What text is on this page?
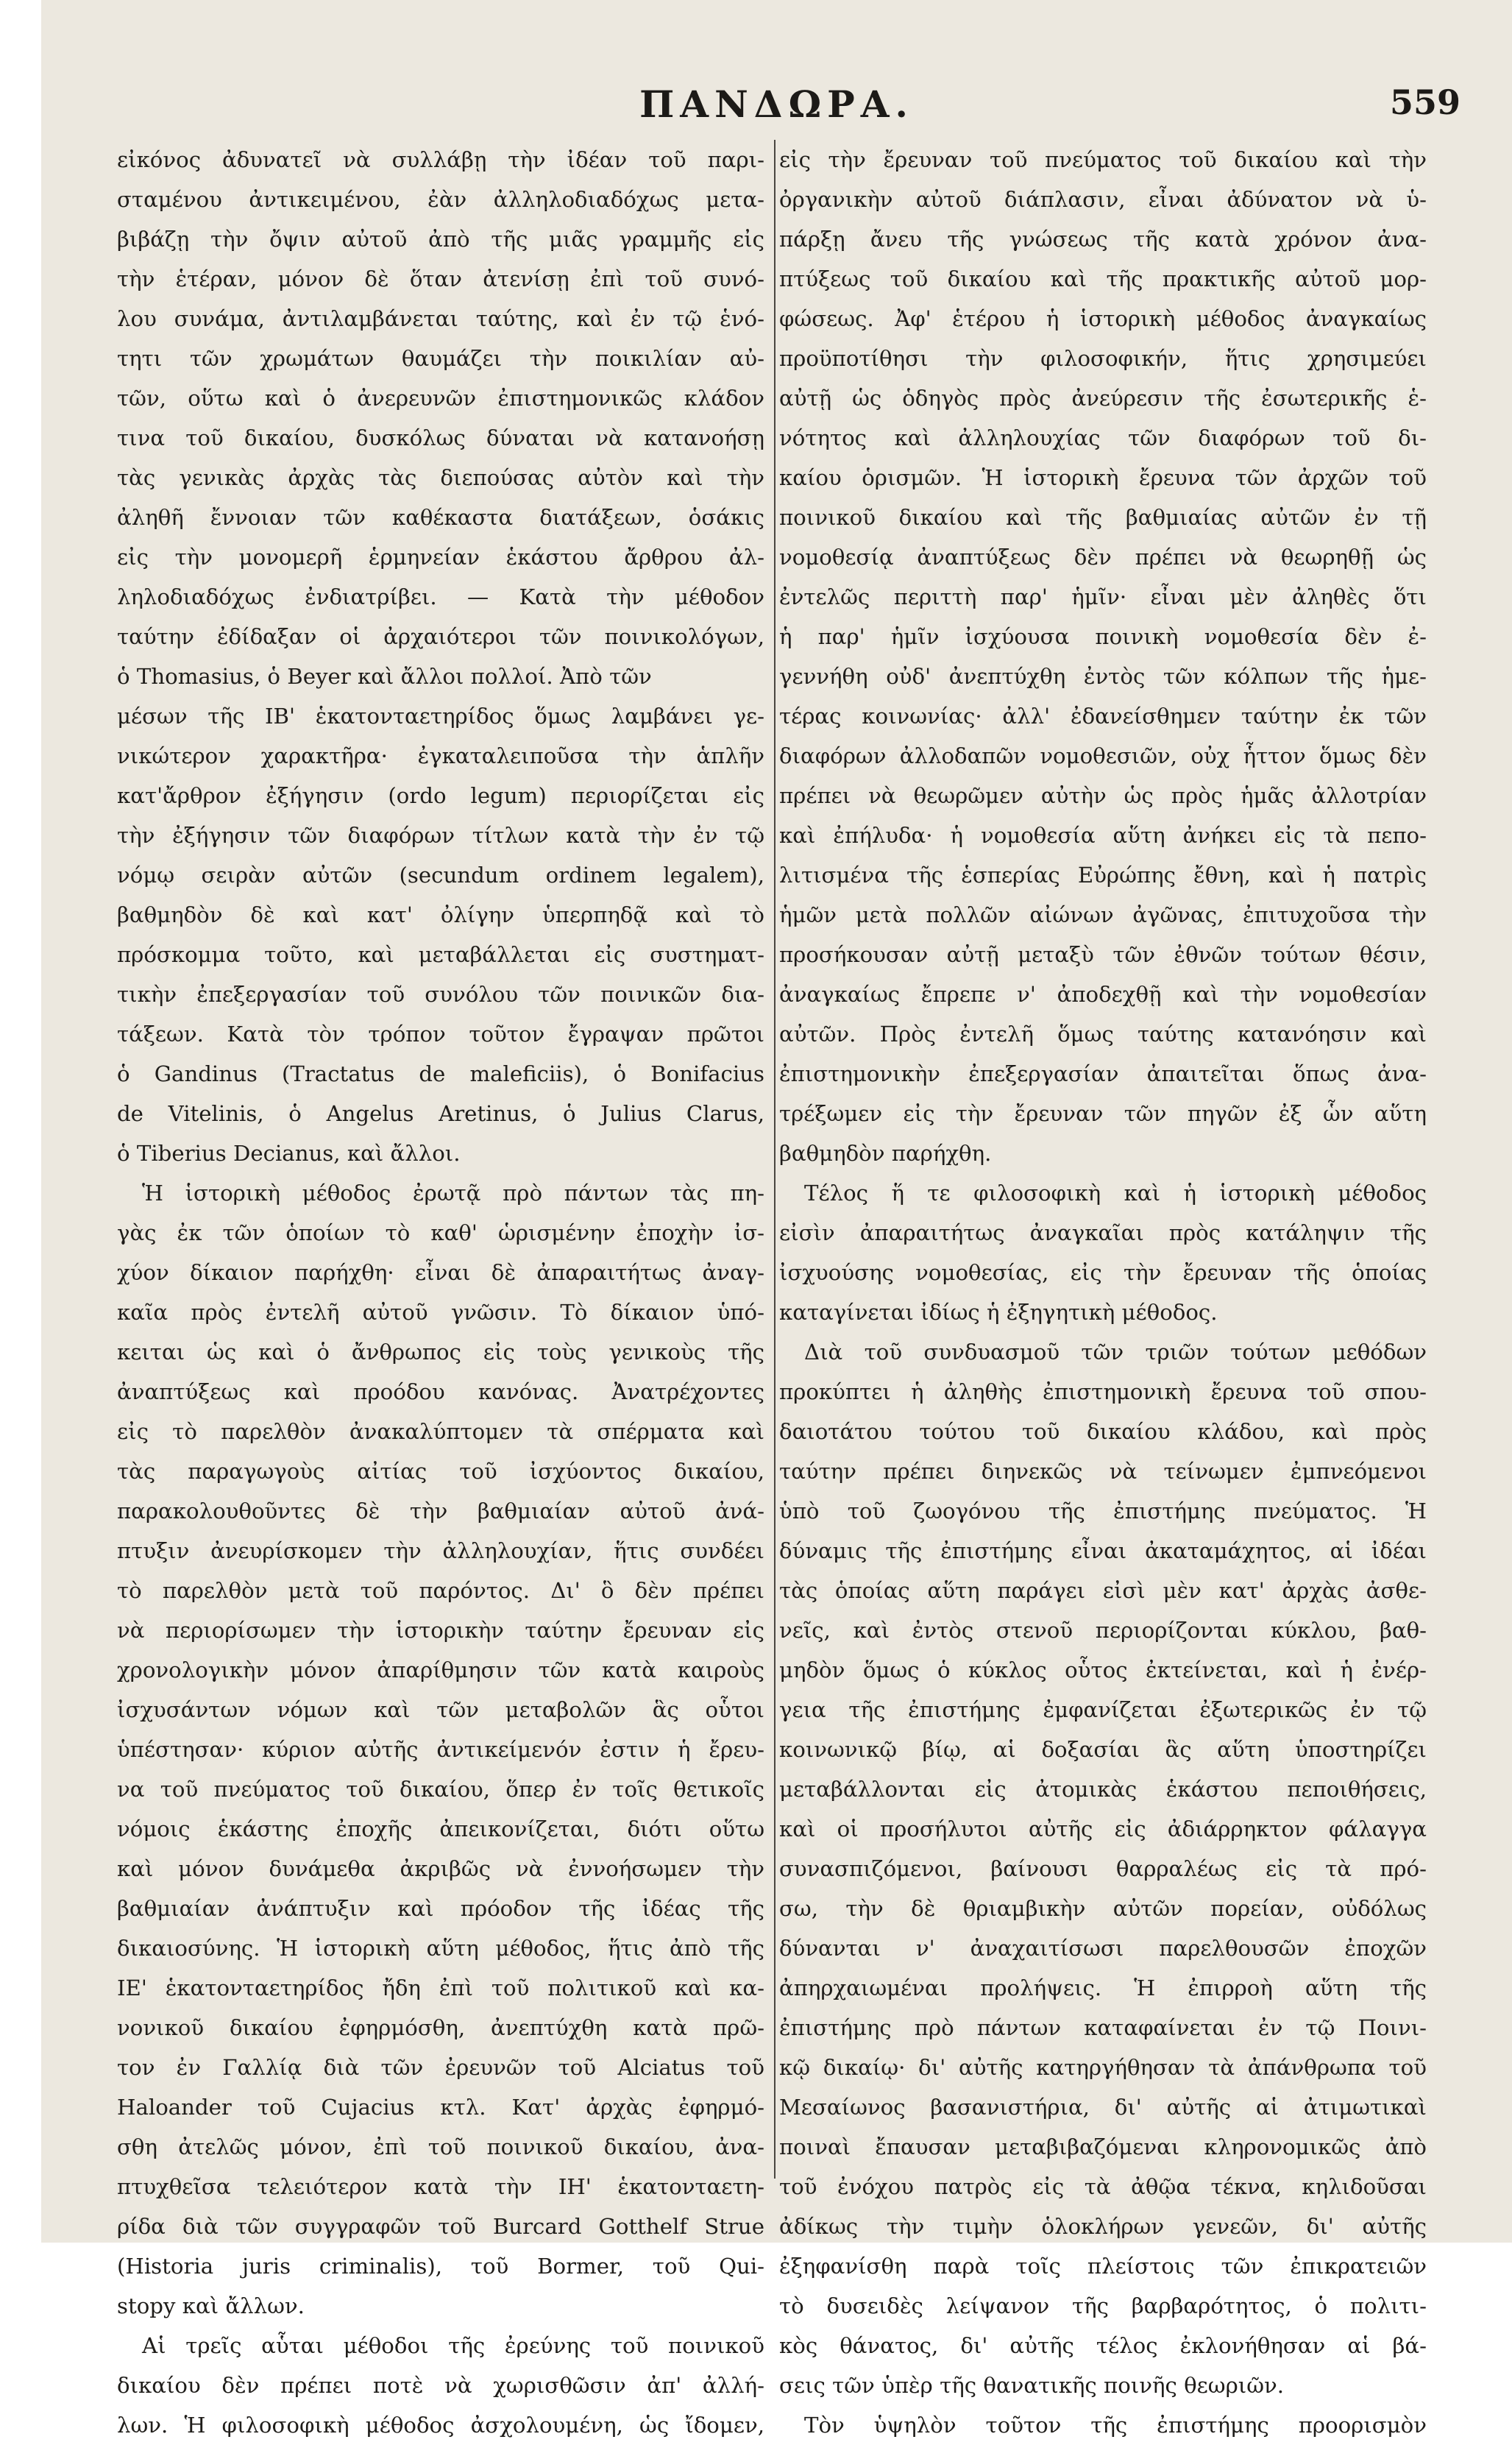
ΠΑΝΔΩΡΑ.	559
εἰκόνος ἀδυνατεῖ νὰ συλλάβῃ τὴν ἰδέαν τοῦ παρι-
σταμένου ἀντικειμένου, ἐὰν ἀλληλοδιαδόχως μετα-
βιβάζῃ τὴν ὄψιν αὐτοῦ ἀπὸ τῆς μιᾶς γραμμῆς εἰς
τὴν ἑτέραν, μόνον δὲ ὅταν ἀτενίσῃ ἐπὶ τοῦ συνό-
λου συνάμα, ἀντιλαμβάνεται ταύτης, καὶ ἐν τῷ ἑνό-
τητι τῶν χρωμάτων θαυμάζει τὴν ποικιλίαν αὐ-
τῶν, οὕτω καὶ ὁ ἀνερευνῶν ἐπιστημονικῶς κλάδον
τινα τοῦ δικαίου, δυσκόλως δύναται νὰ κατανοήσῃ
τὰς γενικὰς ἀρχὰς τὰς διεπούσας αὐτὸν καὶ τὴν
ἀληθῆ ἔννοιαν τῶν καθέκαστα διατάξεων, ὁσάκις
εἰς τὴν μονομερῆ ἑρμηνείαν ἑκάστου ἄρθρου ἀλ-
ληλοδιαδόχως ἐνδιατρίβει. — Κατὰ τὴν μέθοδον
ταύτην ἐδίδαξαν οἱ ἀρχαιότεροι τῶν ποινικολόγων,
ὁ Thomasius, ὁ Beyer καὶ ἄλλοι πολλοί. Ἀπὸ τῶν
μέσων τῆς ΙΒ' ἑκατονταετηρίδος ὅμως λαμβάνει γε-
νικώτερον χαρακτῆρα· ἐγκαταλειποῦσα τὴν ἁπλῆν
κατ'ἄρθρον ἐξήγησιν (ordo legum) περιορίζεται εἰς
τὴν ἐξήγησιν τῶν διαφόρων τίτλων κατὰ τὴν ἐν τῷ
νόμῳ σειρὰν αὐτῶν (secundum ordinem legalem),
βαθμηδὸν δὲ καὶ κατ' ὀλίγην ὑπερπηδᾷ καὶ τὸ
πρόσκομμα τοῦτο, καὶ μεταβάλλεται εἰς συστηματ-
τικὴν ἐπεξεργασίαν τοῦ συνόλου τῶν ποινικῶν δια-
τάξεων. Κατὰ τὸν τρόπον τοῦτον ἔγραψαν πρῶτοι
ὁ Gandinus (Tractatus de maleficiis), ὁ Bonifacius
de Vitelinis, ὁ Angelus Aretinus, ὁ Julius Clarus,
ὁ Tiberius Decianus, καὶ ἄλλοι.
Ἡ ἱστορικὴ μέθοδος ἐρωτᾷ πρὸ πάντων τὰς πη-
γὰς ἐκ τῶν ὁποίων τὸ καθ' ὡρισμένην ἐποχὴν ἰσ-
χύον δίκαιον παρήχθη· εἶναι δὲ ἀπαραιτήτως ἀναγ-
καῖα πρὸς ἐντελῆ αὐτοῦ γνῶσιν. Τὸ δίκαιον ὑπό-
κειται ὡς καὶ ὁ ἄνθρωπος εἰς τοὺς γενικοὺς τῆς
ἀναπτύξεως καὶ προόδου κανόνας. Ἀνατρέχοντες
εἰς τὸ παρελθὸν ἀνακαλύπτομεν τὰ σπέρματα καὶ
τὰς παραγωγοὺς αἰτίας τοῦ ἰσχύοντος δικαίου,
παρακολουθοῦντες δὲ τὴν βαθμιαίαν αὐτοῦ ἀνά-
πτυξιν ἀνευρίσκομεν τὴν ἀλληλουχίαν, ἥτις συνδέει
τὸ παρελθὸν μετὰ τοῦ παρόντος. Δι' ὃ δὲν πρέπει
νὰ περιορίσωμεν τὴν ἱστορικὴν ταύτην ἔρευναν εἰς
χρονολογικὴν μόνον ἀπαρίθμησιν τῶν κατὰ καιροὺς
ἰσχυσάντων νόμων καὶ τῶν μεταβολῶν ἃς οὗτοι
ὑπέστησαν· κύριον αὐτῆς ἀντικείμενόν ἐστιν ἡ ἔρευ-
να τοῦ πνεύματος τοῦ δικαίου, ὅπερ ἐν τοῖς θετικοῖς
νόμοις ἑκάστης ἐποχῆς ἀπεικονίζεται, διότι οὕτω
καὶ μόνον δυνάμεθα ἀκριβῶς νὰ ἐννοήσωμεν τὴν
βαθμιαίαν ἀνάπτυξιν καὶ πρόοδον τῆς ἰδέας τῆς
δικαιοσύνης. Ἡ ἱστορικὴ αὕτη μέθοδος, ἥτις ἀπὸ τῆς
ΙΕ' ἑκατονταετηρίδος ἤδη ἐπὶ τοῦ πολιτικοῦ καὶ κα-
νονικοῦ δικαίου ἐφηρμόσθη, ἀνεπτύχθη κατὰ πρῶ-
τον ἐν Γαλλίᾳ διὰ τῶν ἐρευνῶν τοῦ Alciatus τοῦ
Haloander τοῦ Cujacius κτλ. Κατ' ἀρχὰς ἐφηρμό-
σθη ἀτελῶς μόνον, ἐπὶ τοῦ ποινικοῦ δικαίου, ἀνα-
πτυχθεῖσα τελειότερον κατὰ τὴν ΙΗ' ἑκατονταετη-
ρίδα διὰ τῶν συγγραφῶν τοῦ Burcard Gotthelf Strue
(Historia juris criminalis), τοῦ Bormer, τοῦ Qui-
stopy καὶ ἄλλων.
Αἱ τρεῖς αὗται μέθοδοι τῆς ἐρεύνης τοῦ ποινικοῦ
δικαίου δὲν πρέπει ποτὲ νὰ χωρισθῶσιν ἀπ' ἀλλή-
λων. Ἡ φιλοσοφικὴ μέθοδος ἀσχολουμένη, ὡς ἴδομεν,
εἰς τὴν ἔρευναν τοῦ πνεύματος τοῦ δικαίου καὶ τὴν
ὀργανικὴν αὐτοῦ διάπλασιν, εἶναι ἀδύνατον νὰ ὑ-
πάρξῃ ἄνευ τῆς γνώσεως τῆς κατὰ χρόνον ἀνα-
πτύξεως τοῦ δικαίου καὶ τῆς πρακτικῆς αὐτοῦ μορ-
φώσεως. Ἀφ' ἑτέρου ἡ ἱστορικὴ μέθοδος ἀναγκαίως
προϋποτίθησι τὴν φιλοσοφικήν, ἥτις χρησιμεύει
αὐτῇ ὡς ὁδηγὸς πρὸς ἀνεύρεσιν τῆς ἐσωτερικῆς ἑ-
νότητος καὶ ἀλληλουχίας τῶν διαφόρων τοῦ δι-
καίου ὁρισμῶν. Ἡ ἱστορικὴ ἔρευνα τῶν ἀρχῶν τοῦ
ποινικοῦ δικαίου καὶ τῆς βαθμιαίας αὐτῶν ἐν τῇ
νομοθεσίᾳ ἀναπτύξεως δὲν πρέπει νὰ θεωρηθῇ ὡς
ἐντελῶς περιττὴ παρ' ἡμῖν· εἶναι μὲν ἀληθὲς ὅτι
ἡ παρ' ἡμῖν ἰσχύουσα ποινικὴ νομοθεσία δὲν ἐ-
γεννήθη οὐδ' ἀνεπτύχθη ἐντὸς τῶν κόλπων τῆς ἡμε-
τέρας κοινωνίας· ἀλλ' ἐδανείσθημεν ταύτην ἐκ τῶν
διαφόρων ἀλλοδαπῶν νομοθεσιῶν, οὐχ ἧττον ὅμως δὲν
πρέπει νὰ θεωρῶμεν αὐτὴν ὡς πρὸς ἡμᾶς ἀλλοτρίαν
καὶ ἐπήλυδα· ἡ νομοθεσία αὕτη ἀνήκει εἰς τὰ πεπο-
λιτισμένα τῆς ἑσπερίας Εὐρώπης ἔθνη, καὶ ἡ πατρὶς
ἡμῶν μετὰ πολλῶν αἰώνων ἀγῶνας, ἐπιτυχοῦσα τὴν
προσήκουσαν αὐτῇ μεταξὺ τῶν ἐθνῶν τούτων θέσιν,
ἀναγκαίως ἔπρεπε ν' ἀποδεχθῇ καὶ τὴν νομοθεσίαν
αὐτῶν. Πρὸς ἐντελῆ ὅμως ταύτης κατανόησιν καὶ
ἐπιστημονικὴν ἐπεξεργασίαν ἀπαιτεῖται ὅπως ἀνα-
τρέξωμεν εἰς τὴν ἔρευναν τῶν πηγῶν ἐξ ὧν αὕτη
βαθμηδὸν παρήχθη.
Τέλος ἥ τε φιλοσοφικὴ καὶ ἡ ἱστορικὴ μέθοδος
εἰσὶν ἀπαραιτήτως ἀναγκαῖαι πρὸς κατάληψιν τῆς
ἰσχυούσης νομοθεσίας, εἰς τὴν ἔρευναν τῆς ὁποίας
καταγίνεται ἰδίως ἡ ἐξηγητικὴ μέθοδος.
Διὰ τοῦ συνδυασμοῦ τῶν τριῶν τούτων μεθόδων
προκύπτει ἡ ἀληθὴς ἐπιστημονικὴ ἔρευνα τοῦ σπου-
δαιοτάτου τούτου τοῦ δικαίου κλάδου, καὶ πρὸς
ταύτην πρέπει διηνεκῶς νὰ τείνωμεν ἐμπνεόμενοι
ὑπὸ τοῦ ζωογόνου τῆς ἐπιστήμης πνεύματος. Ἡ
δύναμις τῆς ἐπιστήμης εἶναι ἀκαταμάχητος, αἱ ἰδέαι
τὰς ὁποίας αὕτη παράγει εἰσὶ μὲν κατ' ἀρχὰς ἀσθε-
νεῖς, καὶ ἐντὸς στενοῦ περιορίζονται κύκλου, βαθ-
μηδὸν ὅμως ὁ κύκλος οὗτος ἐκτείνεται, καὶ ἡ ἐνέρ-
γεια τῆς ἐπιστήμης ἐμφανίζεται ἐξωτερικῶς ἐν τῷ
κοινωνικῷ βίῳ, αἱ δοξασίαι ἃς αὕτη ὑποστηρίζει
μεταβάλλονται εἰς ἀτομικὰς ἑκάστου πεποιθήσεις,
καὶ οἱ προσήλυτοι αὐτῆς εἰς ἀδιάρρηκτον φάλαγγα
συνασπιζόμενοι, βαίνουσι θαρραλέως εἰς τὰ πρό-
σω, τὴν δὲ θριαμβικὴν αὐτῶν πορείαν, οὐδόλως
δύνανται ν' ἀναχαιτίσωσι παρελθουσῶν ἐποχῶν
ἀπηρχαιωμέναι προλήψεις. Ἡ ἐπιρροὴ αὕτη τῆς
ἐπιστήμης πρὸ πάντων καταφαίνεται ἐν τῷ Ποινι-
κῷ δικαίῳ· δι' αὐτῆς κατηργήθησαν τὰ ἀπάνθρωπα τοῦ
Μεσαίωνος βασανιστήρια, δι' αὐτῆς αἱ ἀτιμωτικαὶ
ποιναὶ ἔπαυσαν μεταβιβαζόμεναι κληρονομικῶς ἀπὸ
τοῦ ἐνόχου πατρὸς εἰς τὰ ἀθῷα τέκνα, κηλιδοῦσαι
ἀδίκως τὴν τιμὴν ὁλοκλήρων γενεῶν, δι' αὐτῆς
ἐξηφανίσθη παρὰ τοῖς πλείστοις τῶν ἐπικρατειῶν
τὸ δυσειδὲς λείψανον τῆς βαρβαρότητος, ὁ πολιτι-
κὸς θάνατος, δι' αὐτῆς τέλος ἐκλονήθησαν αἱ βά-
σεις τῶν ὑπὲρ τῆς θανατικῆς ποινῆς θεωριῶν.
Τὸν ὑψηλὸν τοῦτον τῆς ἐπιστήμης προορισμὸν
